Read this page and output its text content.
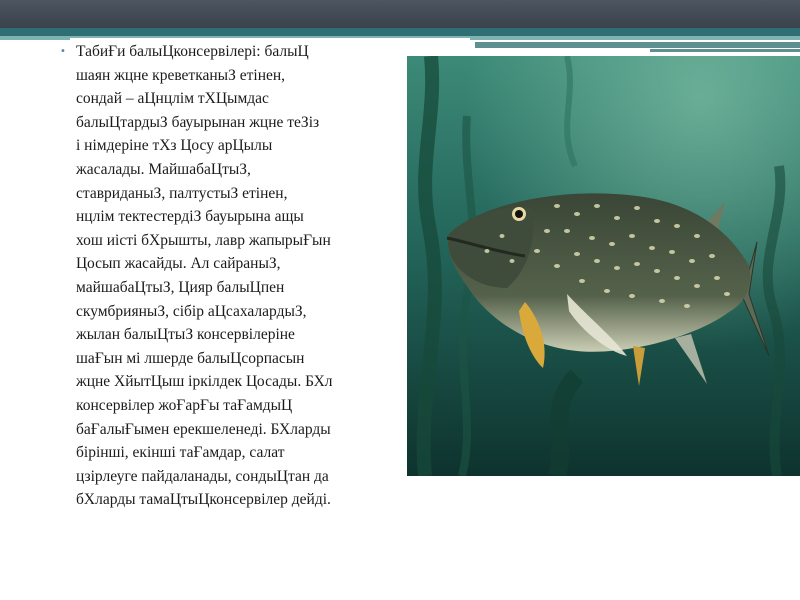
• ТабиҒи балыЦконсервілері: балыЦ
шаян жцне креветканыЗ етінен,
сондай – аЦнцлім тХЦымдас
балыЦтардыЗ бауырынан жцне теЗіз
і німдеріне тХз Цосу арЦылы
жасалады. МайшабаЦтыЗ,
ставриданыЗ, палтустыЗ етінен,
нцлім тектестердіЗ бауырына ащы
хош иісті бХрышты, лавр жапырыҒын
Цосып жасайды. Ал сайраныЗ,
майшабаЦтыЗ, Цияр балыЦпен
скумбрияныЗ, сібір аЦсахалардыЗ,
жылан балыЦтыЗ консервілеріне
шаҒын мі лшерде балыЦсорпасын
жцне ХйытЦыш іркілдек Цосады. БХл
консервілер жоҒарҒы таҒамдыЦ
баҒалыҒымен ерекшеленеді. БХларды
бірінші, екінші таҒамдар, салат
цзірлеуге пайдаланады, сондыЦтан да
бХларды тамаЦтыЦконсервілер дейді.
